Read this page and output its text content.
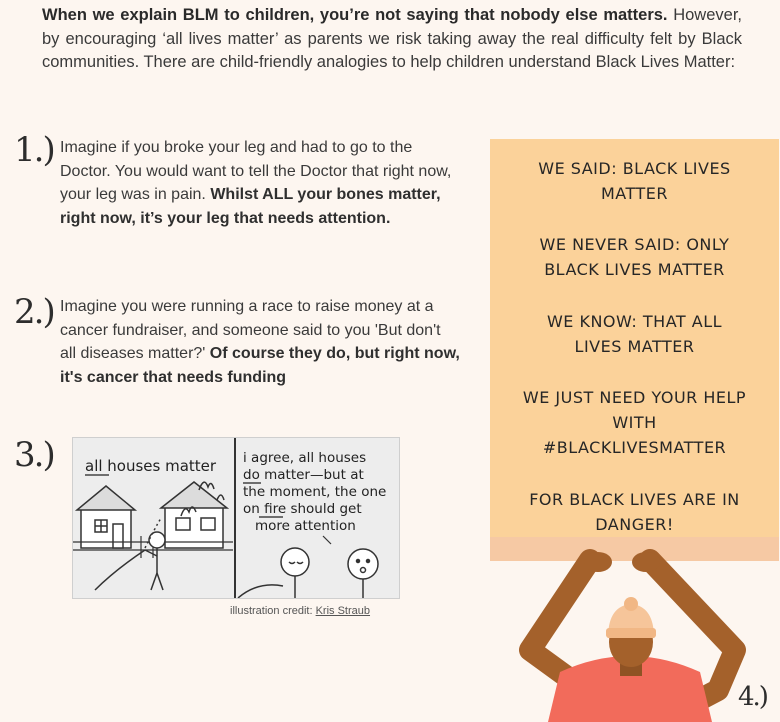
When we explain BLM to children, you’re not saying that nobody else matters. However, by encouraging ‘all lives matter’ as parents we risk taking away the real difficulty felt by Black communities. There are child-friendly analogies to help children understand Black Lives Matter:

1.) Imagine if you broke your leg and had to go to the Doctor. You would want to tell the Doctor that right now, your leg was in pain. Whilst ALL your bones matter, right now, it’s your leg that needs attention.

2.) Imagine you were running a race to raise money at a cancer fundraiser, and someone said to you 'But don't all diseases matter?' Of course they do, but right now, it's cancer that needs funding

3.) all houses matter i agree, all houses
do matter—but at
the moment, the one
on fire should get
more attention
illustration credit: Kris Straub
WE SAID: BLACK LIVES
MATTER
WE NEVER SAID: ONLY
BLACK LIVES MATTER
WE KNOW: THAT ALL
LIVES MATTER
WE JUST NEED YOUR HELP
WITH
#BLACKLIVESMATTER
FOR BLACK LIVES ARE IN
DANGER!
4.)
